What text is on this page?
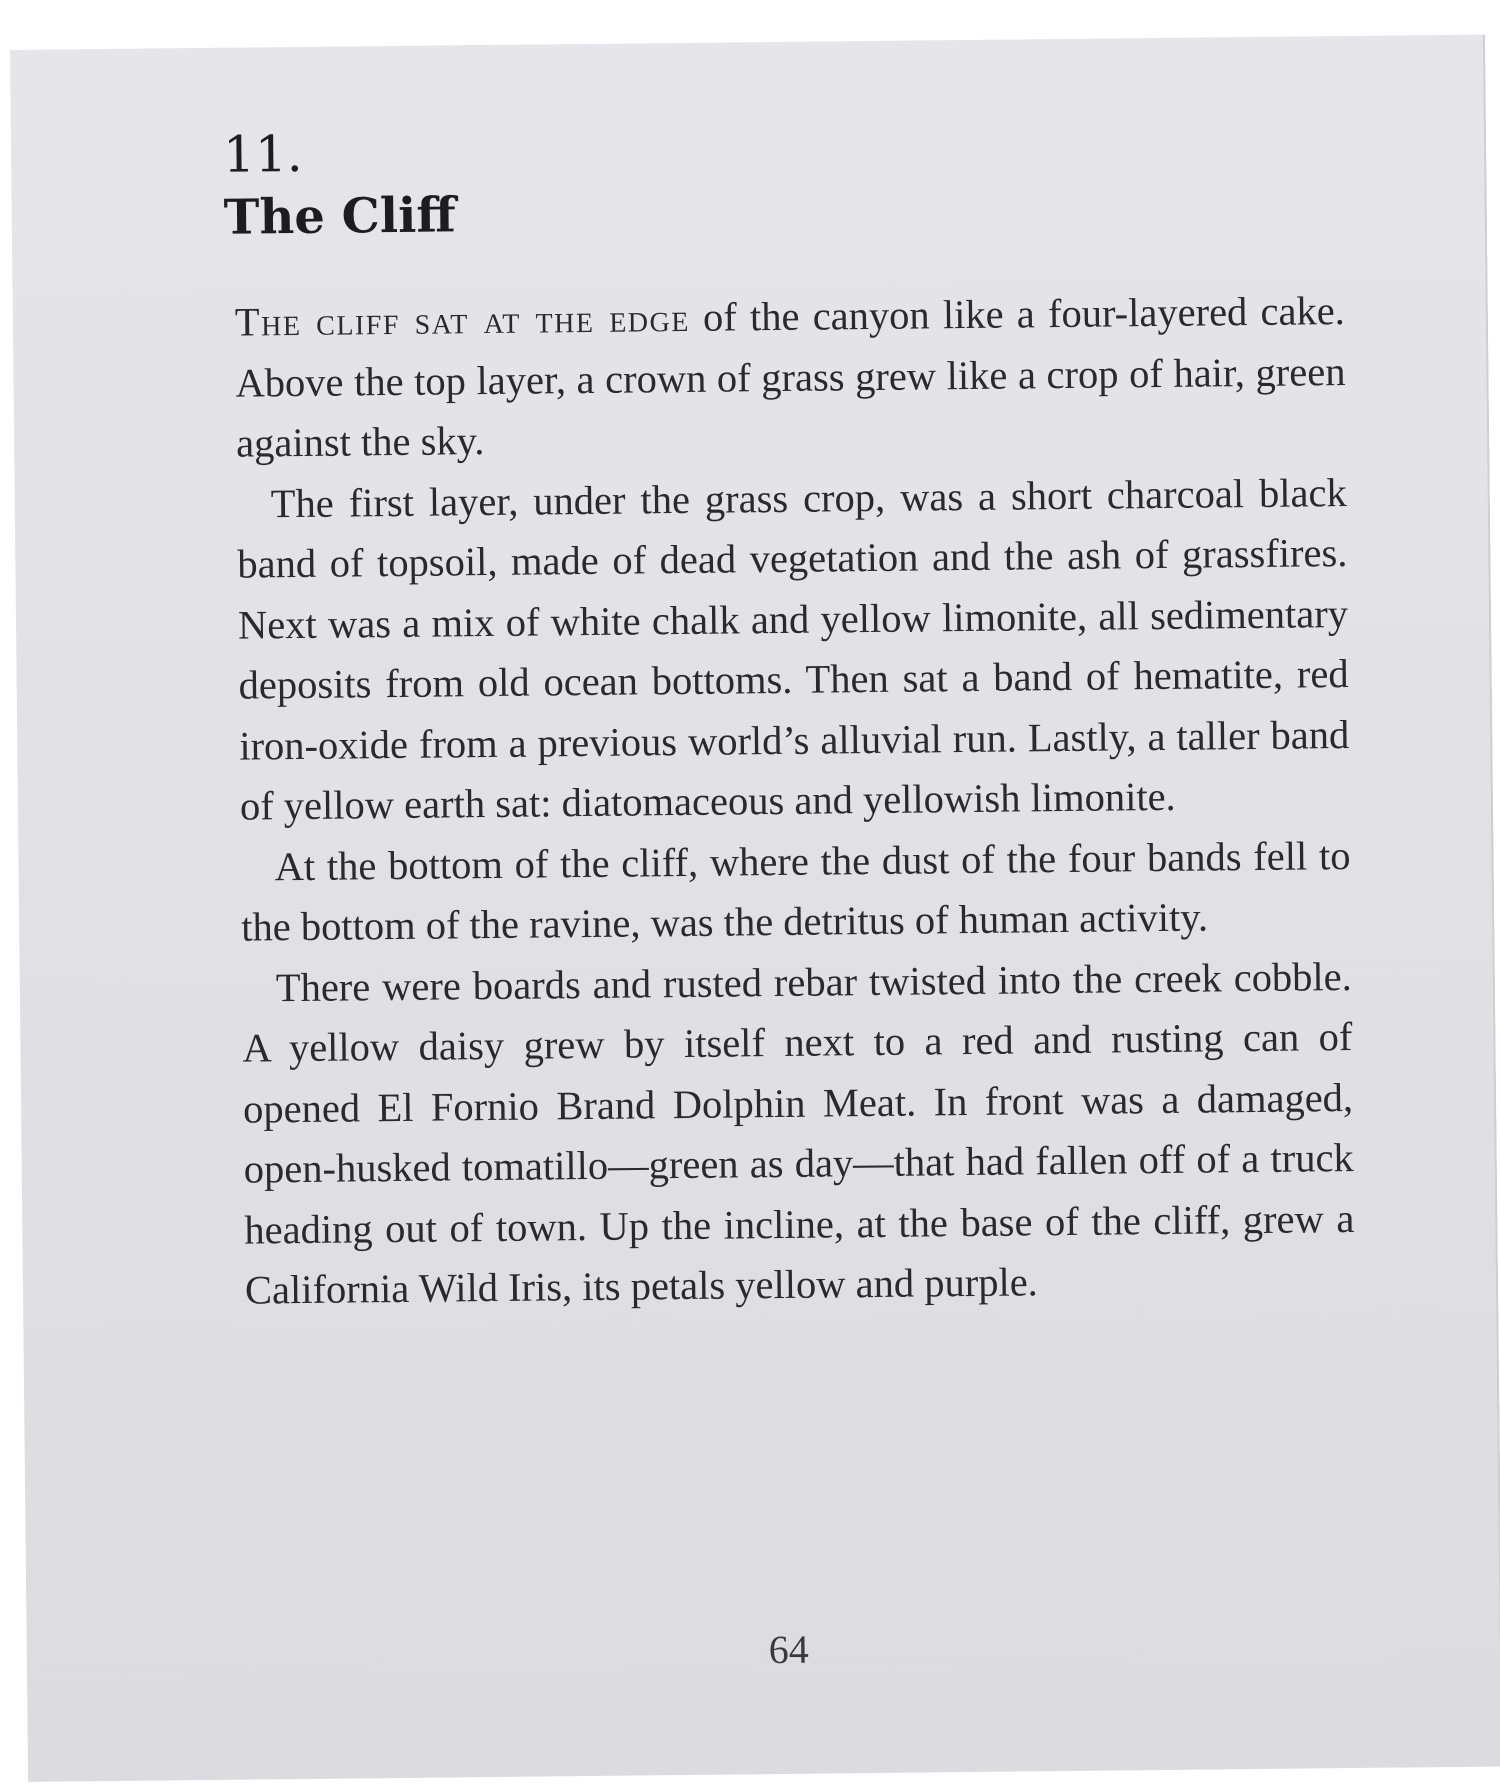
11.
The Cliff

The cliff sat at the edge of the canyon like a four-layered cake. Above the top layer, a crown of grass grew like a crop of hair, green against the sky.

The first layer, under the grass crop, was a short charcoal black band of topsoil, made of dead vegetation and the ash of grassfires. Next was a mix of white chalk and yellow limonite, all sedimentary deposits from old ocean bottoms. Then sat a band of hematite, red iron-oxide from a previous world’s alluvial run. Lastly, a taller band of yellow earth sat: diatomaceous and yellowish limonite.

At the bottom of the cliff, where the dust of the four bands fell to the bottom of the ravine, was the detritus of human activity.

There were boards and rusted rebar twisted into the creek cobble. A yellow daisy grew by itself next to a red and rusting can of opened El Fornio Brand Dolphin Meat. In front was a damaged, open-husked tomatillo—green as day—that had fallen off of a truck heading out of town. Up the incline, at the base of the cliff, grew a California Wild Iris, its petals yellow and purple.

64
